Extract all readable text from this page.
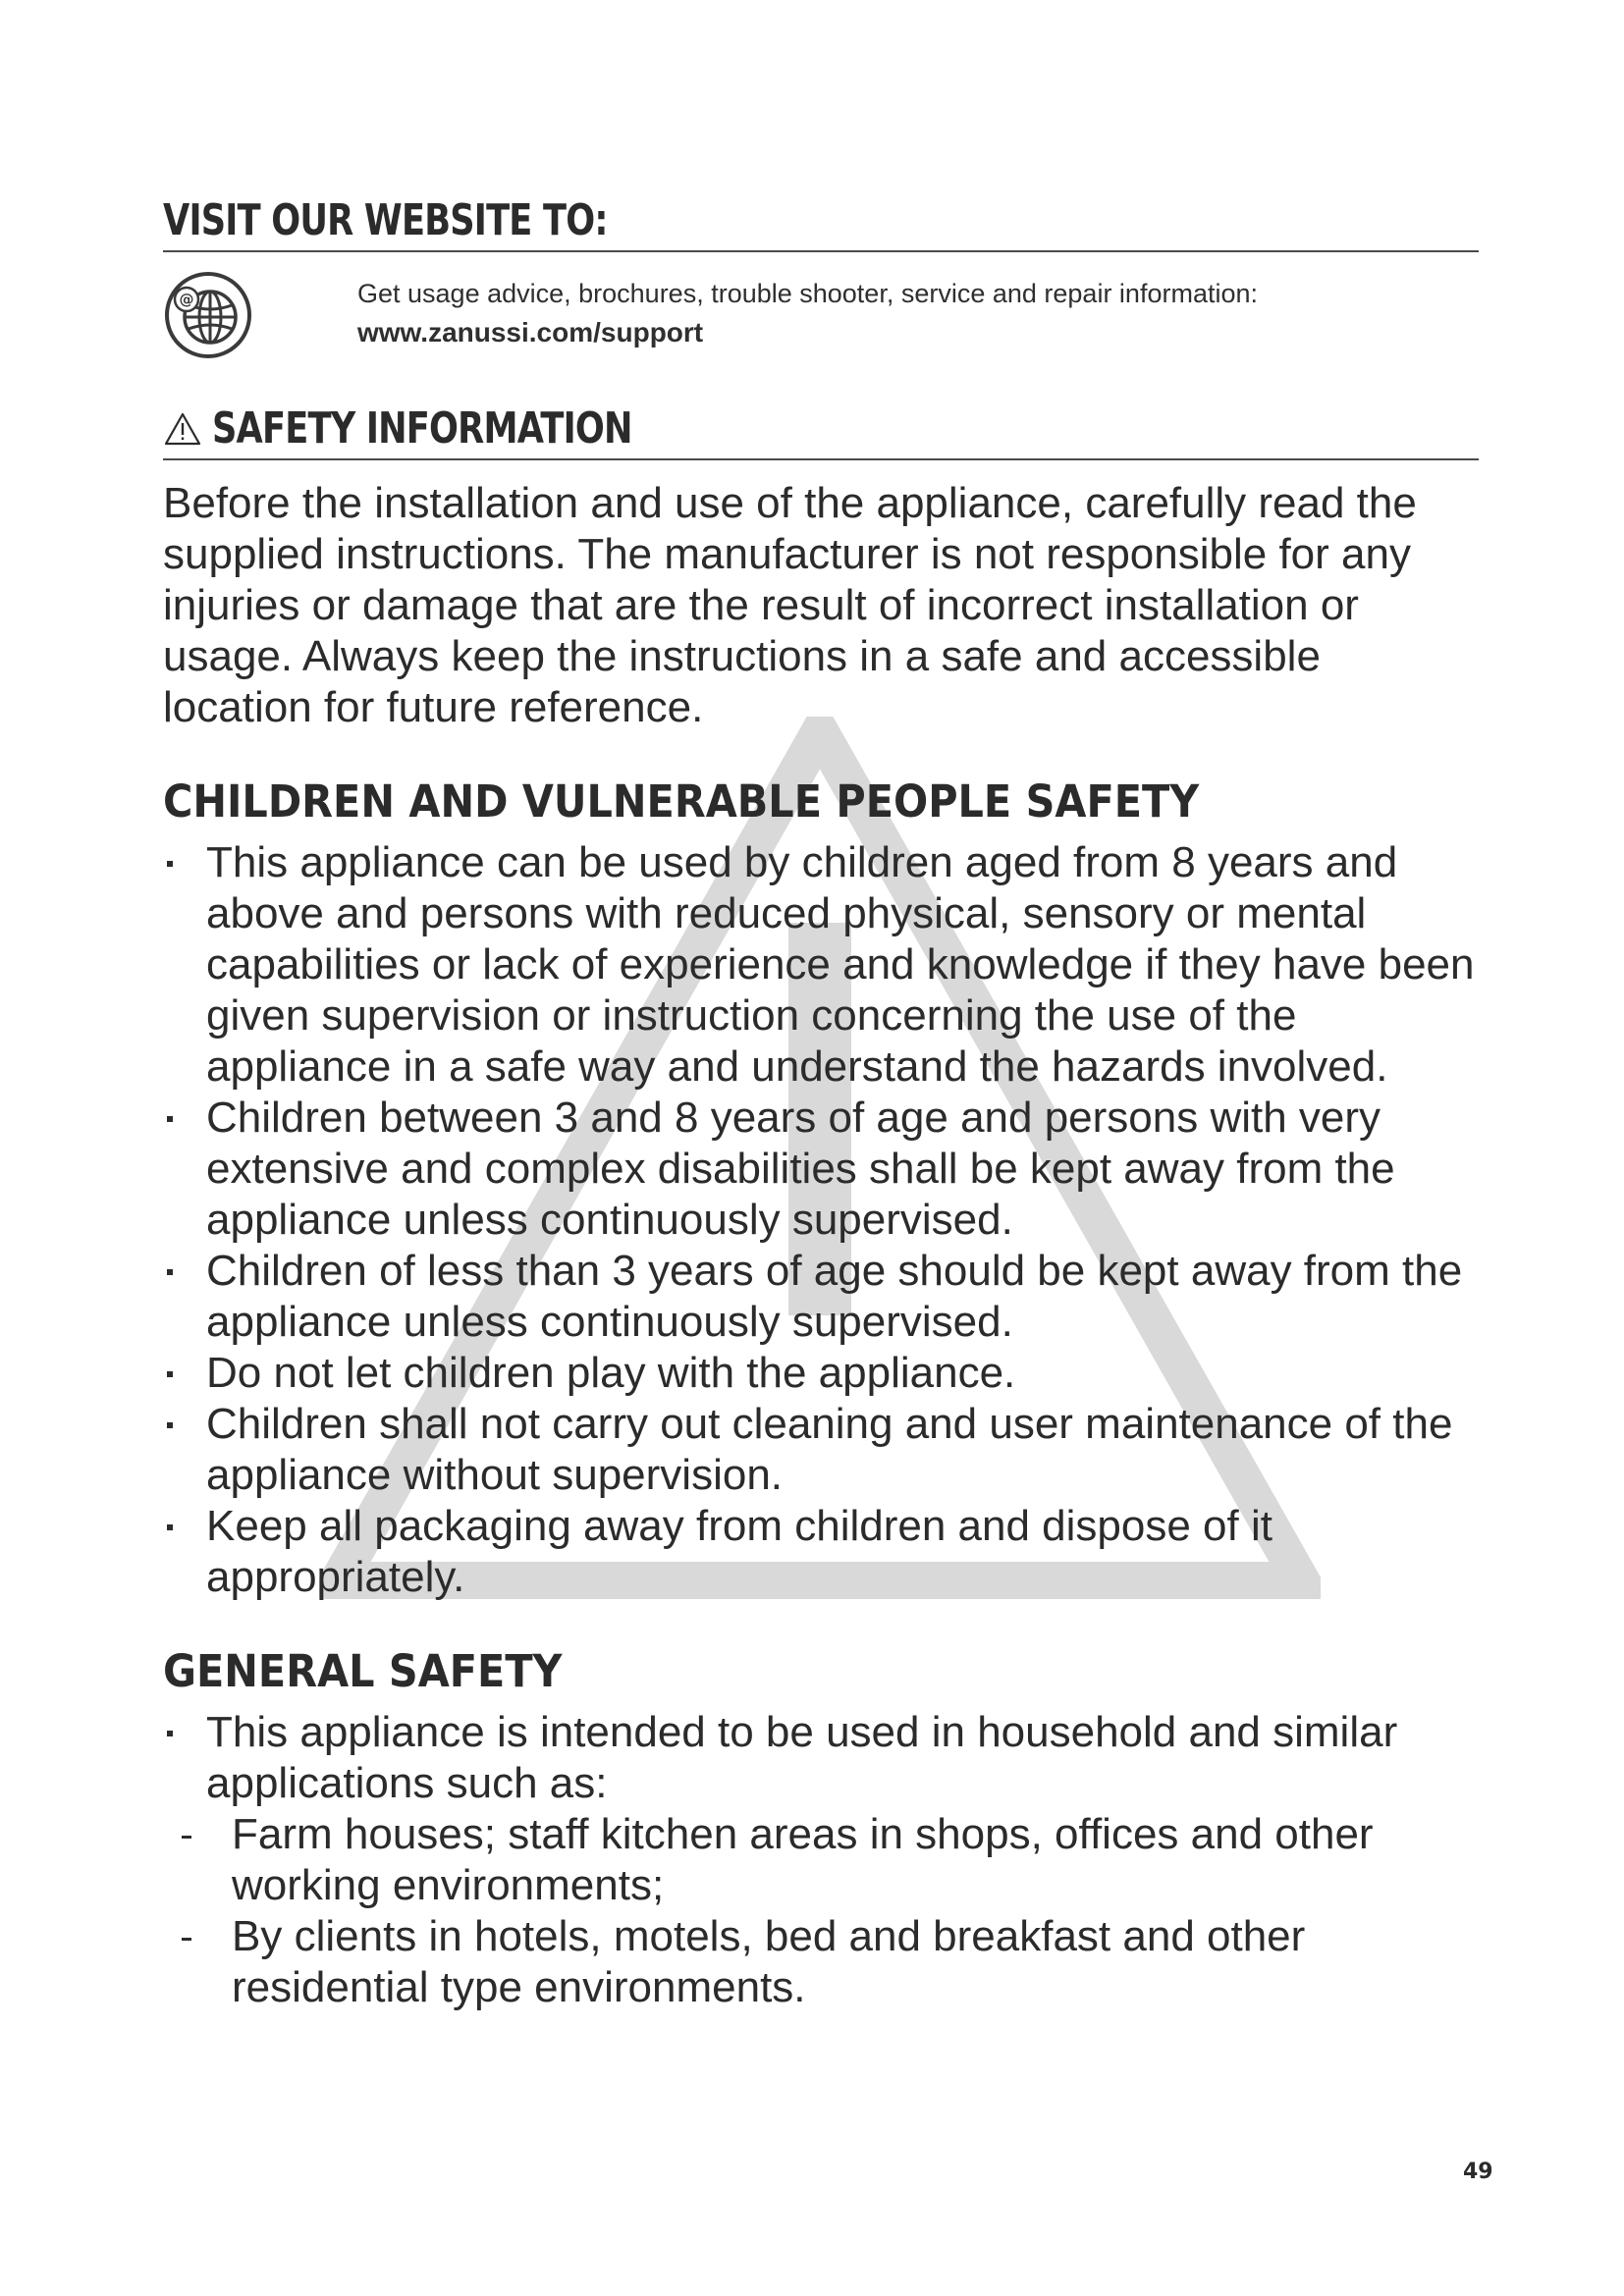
VISIT OUR WEBSITE TO:
@	Get usage advice, brochures, trouble shooter, service and repair information:
www.zanussi.com/support
SAFETY INFORMATION

Before the installation and use of the appliance, carefully read the supplied instructions. The manufacturer is not responsible for any injuries or damage that are the result of incorrect installation or usage. Always keep the instructions in a safe and accessible location for future reference.

CHILDREN AND VULNERABLE PEOPLE SAFETY
This appliance can be used by children aged from 8 years and above and persons with reduced physical, sensory or mental capabilities or lack of experience and knowledge if they have been given supervision or instruction concerning the use of the appliance in a safe way and understand the hazards involved.
Children between 3 and 8 years of age and persons with very extensive and complex disabilities shall be kept away from the appliance unless continuously supervised.
Children of less than 3 years of age should be kept away from the appliance unless continuously supervised.
Do not let children play with the appliance.
Children shall not carry out cleaning and user maintenance of the appliance without supervision.
Keep all packaging away from children and dispose of it appropriately.
GENERAL SAFETY
This appliance is intended to be used in household and similar applications such as:
Farm houses; staff kitchen areas in shops, offices and other working environments;
By clients in hotels, motels, bed and breakfast and other residential type environments.
49
